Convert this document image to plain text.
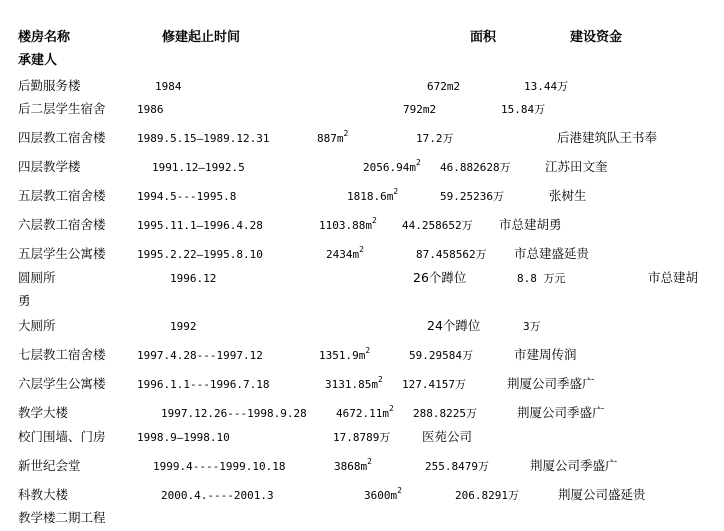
楼房名称	修建起止时间	面积	建设资金
承建人
后勤服务楼	1984	672m2	13.44万
后二层学生宿舍	1986	792m2	15.84万
四层教工宿舍楼	1989.5.15—1989.12.31	$887m^2$	17.2万	后港建筑队王书奉
四层教学楼	1991.12—1992.5	$2056.94m^2$ 46.882628万	江苏田文奎
五层教工宿舍楼	1994.5---1995.8	$1818.6m^2$	59.25236万	张树生
六层教工宿舍楼	1995.11.1—1996.4.28	$1103.88m^2$ 44.258652万 市总建胡勇
五层学生公寓楼	1995.2.22—1995.8.10	$2434m^2$	87.458562万 市总建盛延贵
圆厕所	1996.12	26个蹲位	8.8 万元	市总建胡
勇
大厕所	1992	24个蹲位	3万
七层教工宿舍楼	1997.4.28---1997.12	$1351.9m^2$	59.29584万	市建周传润
六层学生公寓楼	1996.1.1---1996.7.18	$3131.85m^2$ 127.4157万	荆厦公司季盛广
教学大楼	1997.12.26---1998.9.28	$4672.11m^2$ 288.8225万	荆厦公司季盛广
校门围墙、门房	1998.9—1998.10	17.8789万	医苑公司
新世纪会堂	1999.4----1999.10.18	$3868m^2$	255.8479万	荆厦公司季盛广
科教大楼	2000.4.----2001.3	$3600m^2$	206.8291万	荆厦公司盛延贵
教学楼二期工程
